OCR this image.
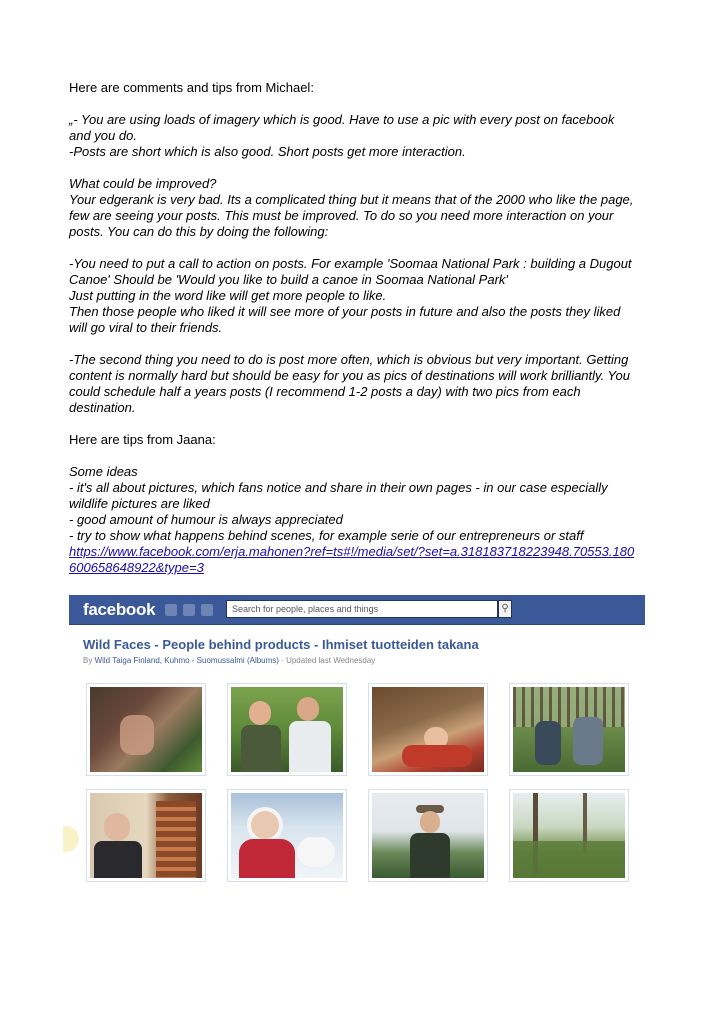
Here are comments and tips from Michael:

„- You are using loads of imagery which is good. Have to use a pic with every post on facebook
and you do.
-Posts are short which is also good. Short posts get more interaction.

What could be improved?
Your edgerank is very bad. Its a complicated thing but it means that of the 2000 who like the page,
few are seeing your posts. This must be improved. To do so you need more interaction on your
posts. You can do this by doing the following:

-You need to put a call to action on posts. For example 'Soomaa National Park : building a Dugout
Canoe' Should be 'Would you like to build a canoe in Soomaa National Park'
Just putting in the word like will get more people to like.
Then those people who liked it will see more of your posts in future and also the posts they liked
will go viral to their friends.

-The second thing you need to do is post more often, which is obvious but very important. Getting
content is normally hard but should be easy for you as pics of destinations will work brilliantly. You
could schedule half a years posts (I recommend 1-2 posts a day) with two pics from each
destination.

Here are tips from Jaana:

Some ideas
- it's all about pictures, which fans notice and share in their own pages - in our case especially
wildlife pictures are liked
- good amount of humour is always appreciated
- try to show what happens behind scenes, for example serie of our entrepreneurs or staff
https://www.facebook.com/erja.mahonen?ref=ts#!/media/set/?set=a.318183718223948.70553.180
600658648922&type=3

facebook	Search for people, places and things	⚲

Wild Faces - People behind products - Ihmiset tuotteiden takana

By Wild Taiga Finland, Kuhmo - Suomussalmi (Albums) · Updated last Wednesday
